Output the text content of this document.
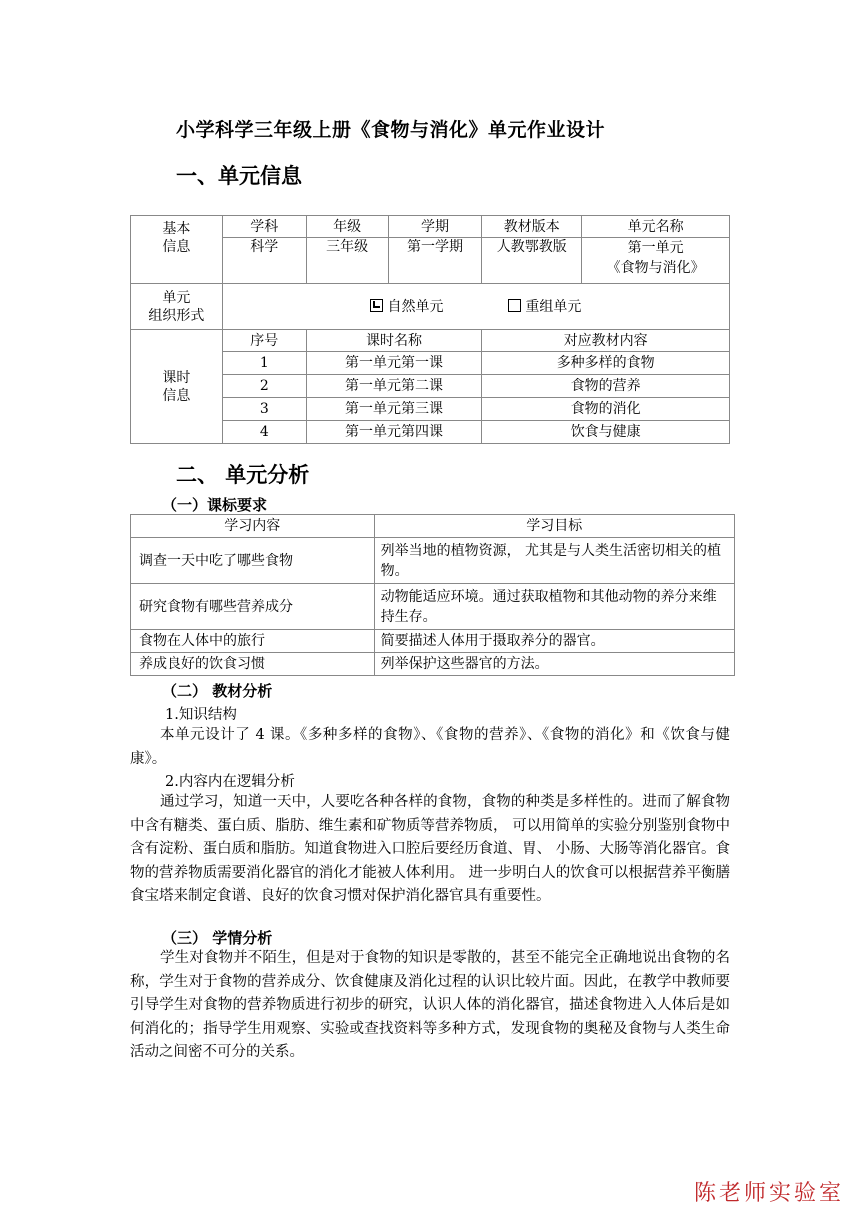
小学科学三年级上册《食物与消化》单元作业设计
一、单元信息
基本
信息	学科	年级	学期	教材版本	单元名称
	科学	三年级	第一学期	人教鄂教版	第一单元
《食物与消化》
单元
组织形式	自然单元 重组单元				
课时
信息	序号	课时名称		对应教材内容	
	1	第一单元第一课		多种多样的食物	
	2	第一单元第二课		食物的营养	
	3	第一单元第三课		食物的消化	
	4	第一单元第四课		饮食与健康	
二、 单元分析
（一）课标要求
学习内容	学习目标
调查一天中吃了哪些食物	列举当地的植物资源， 尤其是与人类生活密切相关的植物。
研究食物有哪些营养成分	动物能适应环境。通过获取植物和其他动物的养分来维持生存。
食物在人体中的旅行	简要描述人体用于摄取养分的器官。
养成良好的饮食习惯	列举保护这些器官的方法。
（二） 教材分析
1.知识结构
本单元设计了 4 课。《多种多样的食物》、《食物的营养》、《食物的消化》和《饮食与健康》。
2.内容内在逻辑分析
通过学习，知道一天中，人要吃各种各样的食物，食物的种类是多样性的。进而了解食物中含有糖类、蛋白质、脂肪、维生素和矿物质等营养物质， 可以用简单的实验分别鉴别食物中含有淀粉、蛋白质和脂肪。知道食物进入口腔后要经历食道、胃、 小肠、大肠等消化器官。食物的营养物质需要消化器官的消化才能被人体利用。 进一步明白人的饮食可以根据营养平衡膳食宝塔来制定食谱、良好的饮食习惯对保护消化器官具有重要性。
（三） 学情分析
学生对食物并不陌生，但是对于食物的知识是零散的，甚至不能完全正确地说出食物的名称，学生对于食物的营养成分、饮食健康及消化过程的认识比较片面。因此，在教学中教师要引导学生对食物的营养物质进行初步的研究，认识人体的消化器官，描述食物进入人体后是如何消化的；指导学生用观察、实验或查找资料等多种方式，发现食物的奥秘及食物与人类生命活动之间密不可分的关系。
陈老师实验室
